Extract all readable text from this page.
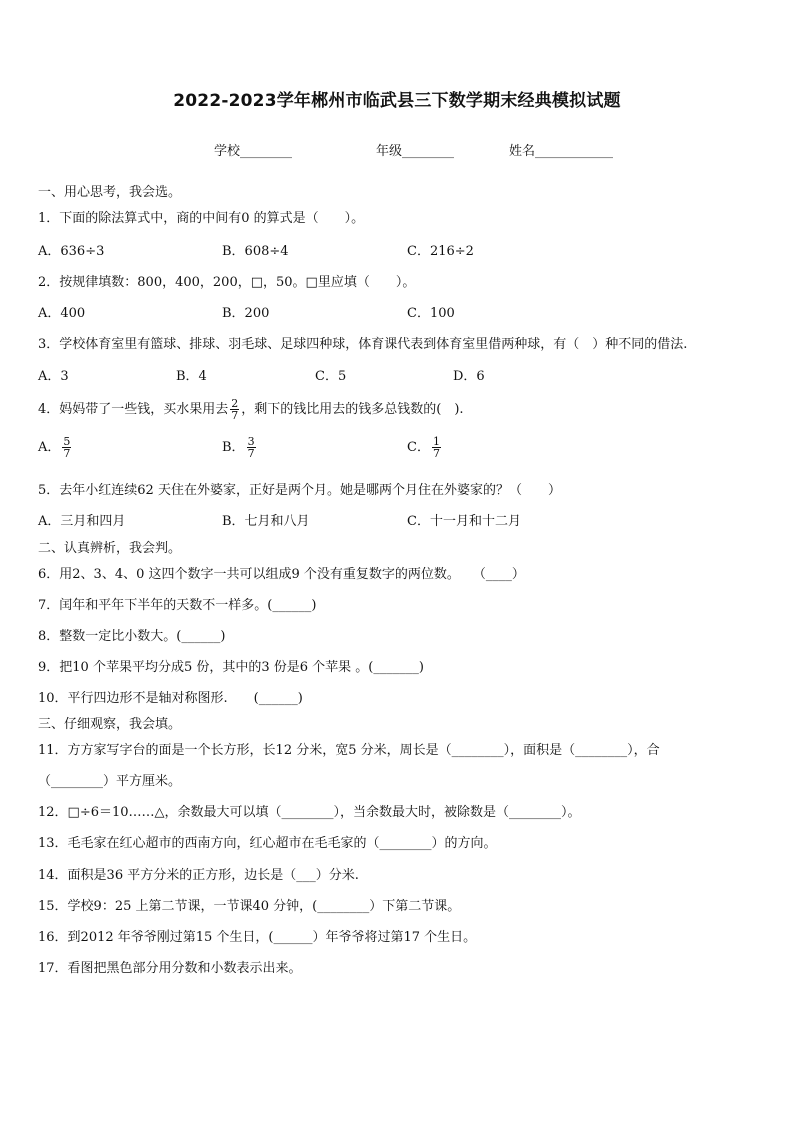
2022-2023学年郴州市临武县三下数学期末经典模拟试题
学校________	年级________	姓名____________
一、用心思考，我会选。
1．下面的除法算式中，商的中间有0 的算式是（　　）。
A．636÷3	B．608÷4	C．216÷2
2．按规律填数：800，400，200，□，50。□里应填（　　）。
A．400	B．200	C．100
3．学校体育室里有篮球、排球、羽毛球、足球四种球，体育课代表到体育室里借两种球，有（　）种不同的借法.
A．3	B．4	C．5	D．6
4．妈妈带了一些钱，买水果用去 $\frac{2}{7}$ ，剩下的钱比用去的钱多总钱数的(　).
A． $\frac{5}{7}$	B． $\frac{3}{7}$	C． $\frac{1}{7}$
5．去年小红连续62 天住在外婆家，正好是两个月。她是哪两个月住在外婆家的？（　　）
A．三月和四月	B．七月和八月	C．十一月和十二月
二、认真辨析，我会判。
6．用2、3、4、0 这四个数字一共可以组成9 个没有重复数字的两位数。　　（____）
7．闰年和平年下半年的天数不一样多。(______)
8．整数一定比小数大。(______)
9．把10 个苹果平均分成5 份，其中的3 份是6 个苹果 。(_______)
10．平行四边形不是轴对称图形.　　(______)
三、仔细观察，我会填。
11．方方家写字台的面是一个长方形，长12 分米，宽5 分米，周长是（________），面积是（________），合
（________）平方厘米。
12．□÷6＝10……△，余数最大可以填（________），当余数最大时，被除数是（________）。
13．毛毛家在红心超市的西南方向，红心超市在毛毛家的（________）的方向。
14．面积是36 平方分米的正方形，边长是（___）分米.
15．学校9：25 上第二节课，一节课40 分钟，(________）下第二节课。
16．到2012 年爷爷刚过第15 个生日，(______）年爷爷将过第17 个生日。
17．看图把黑色部分用分数和小数表示出来。
